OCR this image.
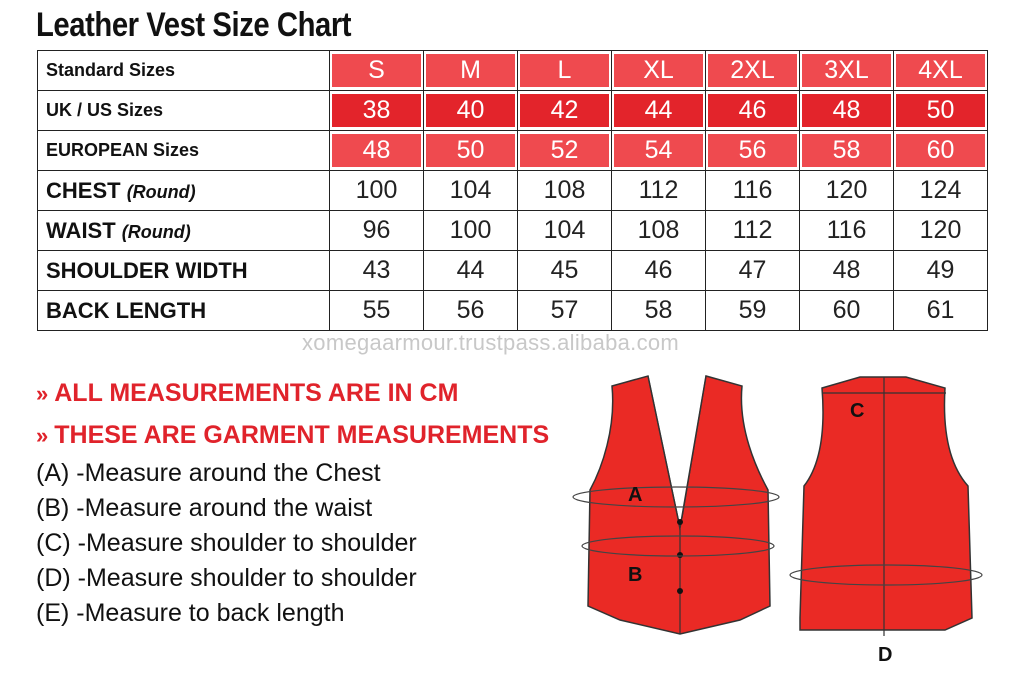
Leather Vest Size Chart
Standard Sizes	S	M	L	XL	2XL	3XL	4XL

UK / US Sizes	38	40	42	44	46	48	50

EUROPEAN Sizes	48	50	52	54	56	58	60

CHEST (Round)	100	104	108	112	116	120	124
WAIST (Round)	96	100	104	108	112	116	120
SHOULDER WIDTH	43	44	45	46	47	48	49
BACK LENGTH	55	56	57	58	59	60	61
xomegaarmour.trustpass.alibaba.com
» ALL MEASUREMENTS ARE IN CM
» THESE ARE GARMENT MEASUREMENTS
(A) -Measure around the Chest
(B) -Measure around the waist
(C) -Measure shoulder to shoulder
(D) -Measure shoulder to shoulder
(E) -Measure to back length
A
B
C
D
